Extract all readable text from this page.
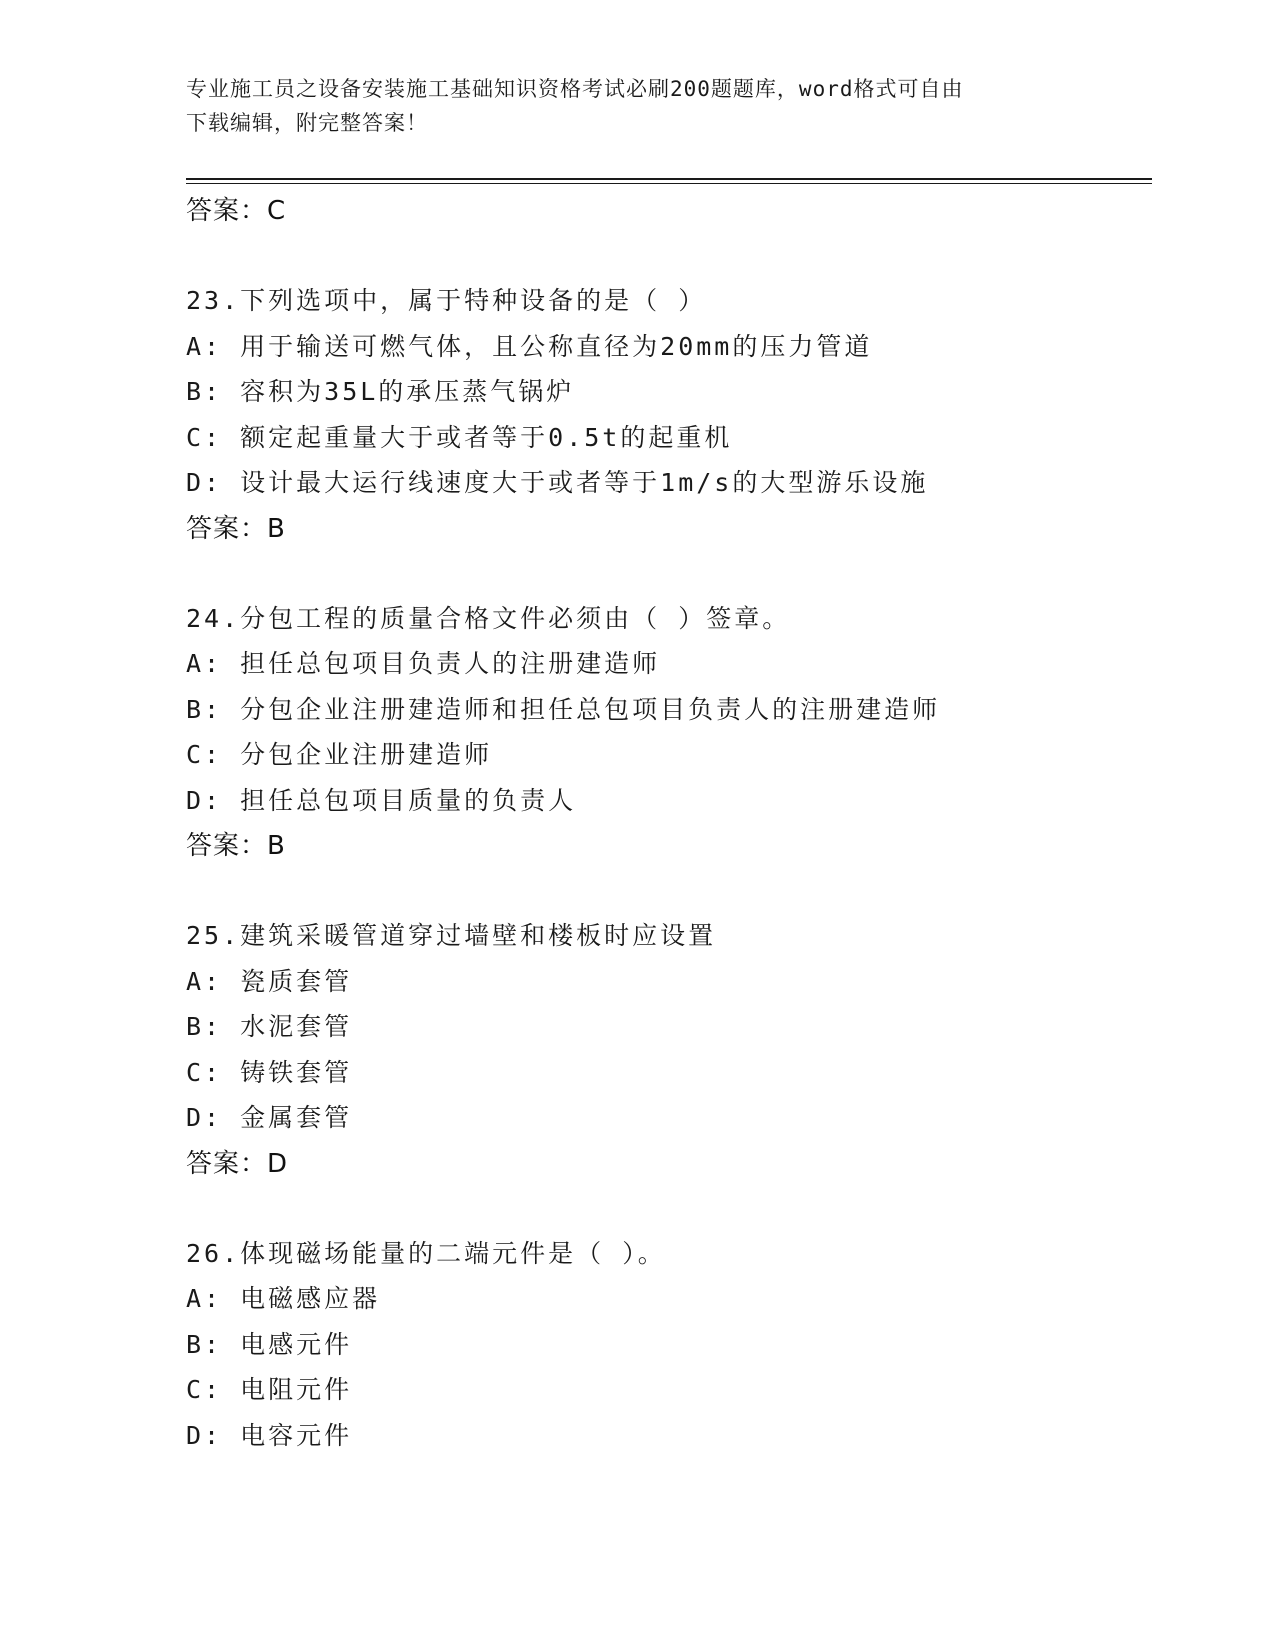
专业施工员之设备安装施工基础知识资格考试必刷200题题库，word格式可自由
下载编辑，附完整答案！
答案：C
23.下列选项中，属于特种设备的是（ ）
A: 用于输送可燃气体，且公称直径为20mm的压力管道
B: 容积为35L的承压蒸气锅炉
C: 额定起重量大于或者等于0.5t的起重机
D: 设计最大运行线速度大于或者等于1m/s的大型游乐设施
答案：B
24.分包工程的质量合格文件必须由（ ）签章。
A: 担任总包项目负责人的注册建造师
B: 分包企业注册建造师和担任总包项目负责人的注册建造师
C: 分包企业注册建造师
D: 担任总包项目质量的负责人
答案：B
25.建筑采暖管道穿过墙壁和楼板时应设置
A: 瓷质套管
B: 水泥套管
C: 铸铁套管
D: 金属套管
答案：D
26.体现磁场能量的二端元件是（ ）。
A: 电磁感应器
B: 电感元件
C: 电阻元件
D: 电容元件
